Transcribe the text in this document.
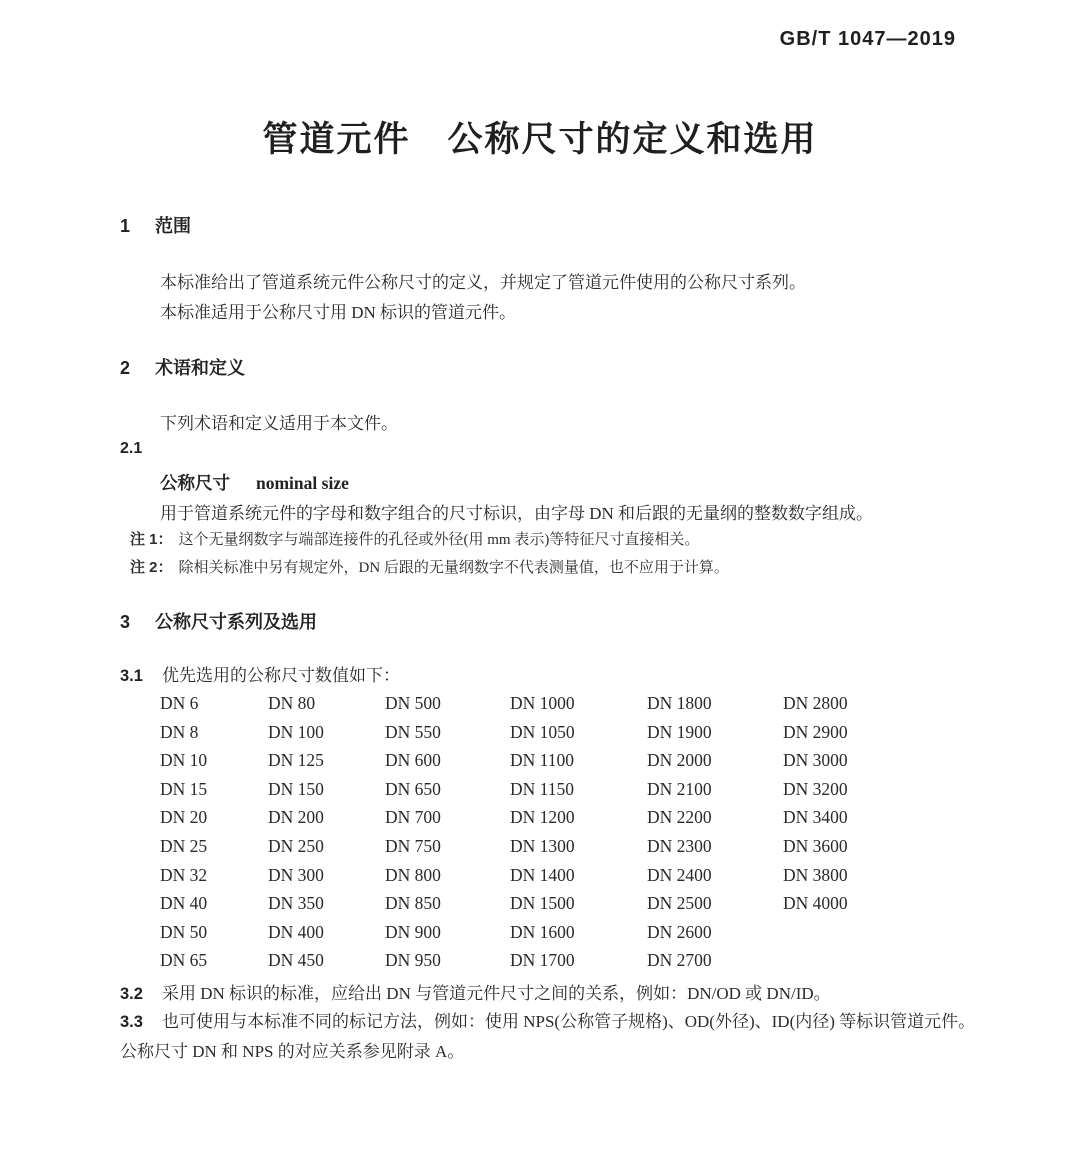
GB/T 1047—2019
管道元件　公称尺寸的定义和选用
1 范围

本标准给出了管道系统元件公称尺寸的定义，并规定了管道元件使用的公称尺寸系列。

本标准适用于公称尺寸用 DN 标识的管道元件。

2 术语和定义

下列术语和定义适用于本文件。

2.1
公称尺寸 nominal size

用于管道系统元件的字母和数字组合的尺寸标识，由字母 DN 和后跟的无量纲的整数数字组成。

注 1： 这个无量纲数字与端部连接件的孔径或外径(用 mm 表示)等特征尺寸直接相关。

注 2： 除相关标准中另有规定外，DN 后跟的无量纲数字不代表测量值，也不应用于计算。

3 公称尺寸系列及选用

3.1 优先选用的公称尺寸数值如下：

DN 6	DN 80	DN 500	DN 1000	DN 1800	DN 2800
DN 8	DN 100	DN 550	DN 1050	DN 1900	DN 2900
DN 10	DN 125	DN 600	DN 1100	DN 2000	DN 3000
DN 15	DN 150	DN 650	DN 1150	DN 2100	DN 3200
DN 20	DN 200	DN 700	DN 1200	DN 2200	DN 3400
DN 25	DN 250	DN 750	DN 1300	DN 2300	DN 3600
DN 32	DN 300	DN 800	DN 1400	DN 2400	DN 3800
DN 40	DN 350	DN 850	DN 1500	DN 2500	DN 4000
DN 50	DN 400	DN 900	DN 1600	DN 2600
DN 65	DN 450	DN 950	DN 1700	DN 2700

3.2 采用 DN 标识的标准，应给出 DN 与管道元件尺寸之间的关系，例如：DN/OD 或 DN/ID。

3.3 也可使用与本标准不同的标记方法，例如：使用 NPS(公称管子规格)、OD(外径)、ID(内径) 等标识管道元件。公称尺寸 DN 和 NPS 的对应关系参见附录 A。
